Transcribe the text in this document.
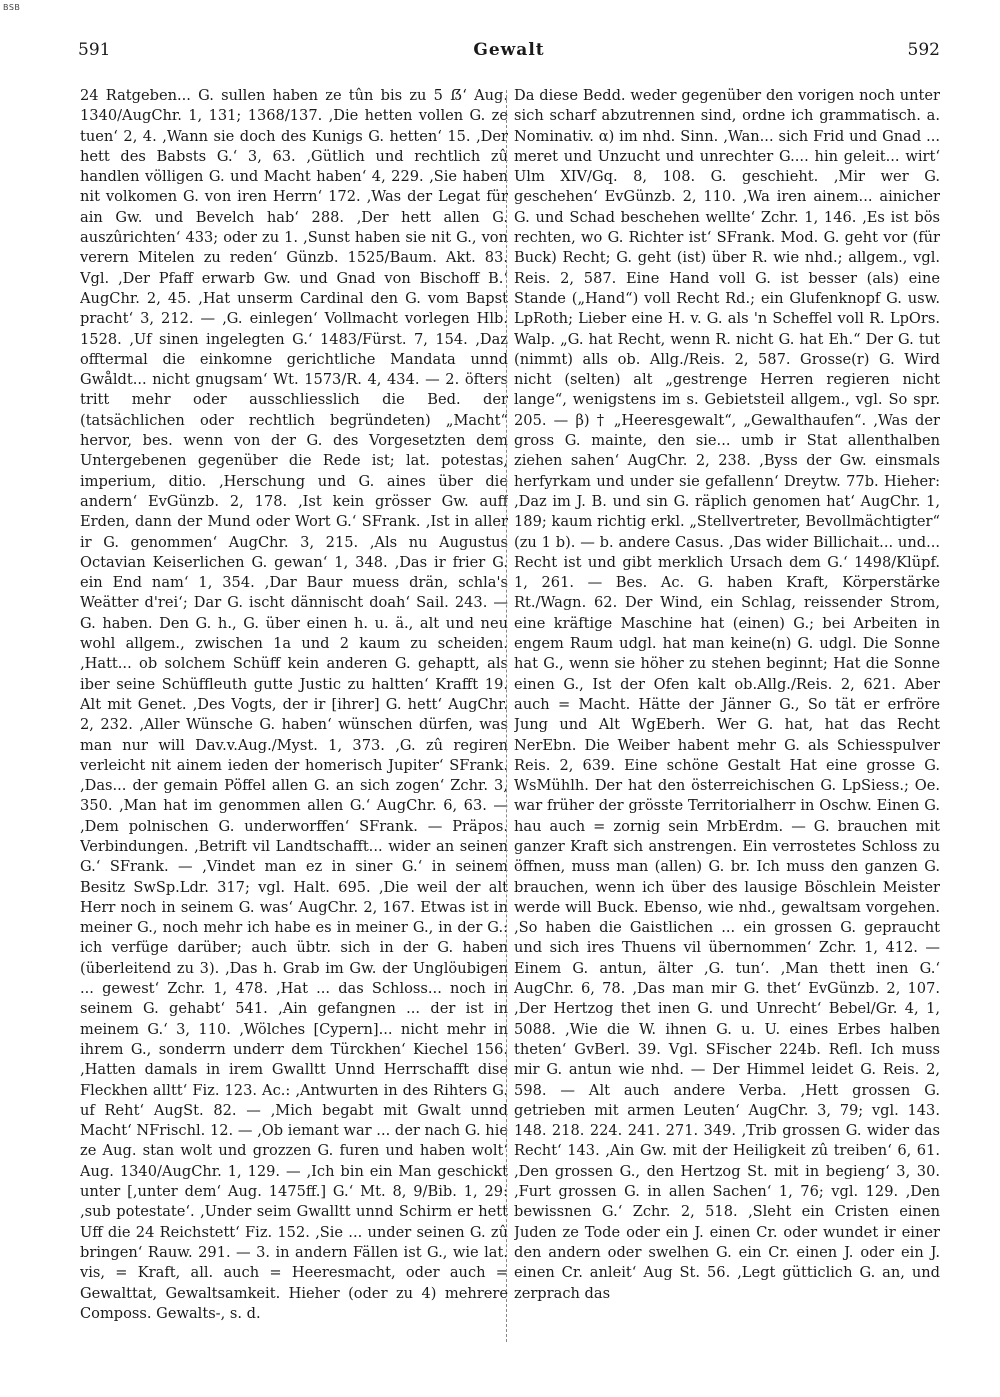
BSB
591	Gewalt	592

24 Ratgeben... G. sullen haben ze tûn bis zu 5 ẞ‘ Aug. 1340/AugChr. 1, 131; 1368/137. ‚Die hetten vollen G. ze tuen‘ 2, 4. ‚Wann sie doch des Kunigs G. hetten‘ 15. ‚Der hett des Babsts G.‘ 3, 63. ‚Gütlich und rechtlich zû handlen völligen G. und Macht haben‘ 4, 229. ‚Sie haben nit volkomen G. von iren Herrn‘ 172. ‚Was der Legat für ain Gw. und Bevelch hab‘ 288. ‚Der hett allen G. auszûrichten‘ 433; oder zu 1. ‚Sunst haben sie nit G., von verern Mitelen zu reden‘ Günzb. 1525/Baum. Akt. 83. Vgl. ‚Der Pfaff erwarb Gw. und Gnad von Bischoff B.‘ AugChr. 2, 45. ‚Hat unserm Cardinal den G. vom Bapst pracht‘ 3, 212. — ‚G. einlegen‘ Vollmacht vorlegen Hlb. 1528. ‚Uf sinen ingelegten G.‘ 1483/Fürst. 7, 154. ‚Daz offtermal die einkomne gerichtliche Mandata unnd Gwåldt... nicht gnugsam‘ Wt. 1573/R. 4, 434. — 2. öfters tritt mehr oder ausschliesslich die Bed. der (tatsächlichen oder rechtlich begründeten) „Macht“ hervor, bes. wenn von der G. des Vorgesetzten dem Untergebenen gegenüber die Rede ist; lat. potestas, imperium, ditio. ‚Herschung und G. aines über die andern‘ EvGünzb. 2, 178. ‚Ist kein grösser Gw. auff Erden, dann der Mund oder Wort G.‘ SFrank. ‚Ist in aller ir G. genommen‘ AugChr. 3, 215. ‚Als nu Augustus Octavian Keiserlichen G. gewan‘ 1, 348. ‚Das ir frier G. ein End nam‘ 1, 354. ‚Dar Baur muess drän, schla's Weätter d'rei‘; Dar G. ischt dännischt doah‘ Sail. 243. — G. haben. Den G. h., G. über einen h. u. ä., alt und neu wohl allgem., zwischen 1a und 2 kaum zu scheiden. ‚Hatt... ob solchem Schüff kein anderen G. gehaptt, als iber seine Schüffleuth gutte Justic zu haltten‘ Krafft 19. Alt mit Genet. ‚Des Vogts, der ir [ihrer] G. hett‘ AugChr. 2, 232. ‚Aller Wünsche G. haben‘ wünschen dürfen, was man nur will Dav.v.Aug./Myst. 1, 373. ‚G. zû regiren verleicht nit ainem ieden der homerisch Jupiter‘ SFrank. ‚Das... der gemain Pöffel allen G. an sich zogen‘ Zchr. 3, 350. ‚Man hat im genommen allen G.‘ AugChr. 6, 63. — ‚Dem polnischen G. underworffen‘ SFrank. — Präpos. Verbindungen. ‚Betrift vil Landtschafft... wider an seinen G.‘ SFrank. — ‚Vindet man ez in siner G.‘ in seinem Besitz SwSp.Ldr. 317; vgl. Halt. 695. ‚Die weil der alt Herr noch in seinem G. was‘ AugChr. 2, 167. Etwas ist in meiner G., noch mehr ich habe es in meiner G., in der G.: ich verfüge darüber; auch übtr. sich in der G. haben (überleitend zu 3). ‚Das h. Grab im Gw. der Unglöubigen ... gewest‘ Zchr. 1, 478. ‚Hat ... das Schloss... noch in seinem G. gehabt‘ 541. ‚Ain gefangnen ... der ist in meinem G.‘ 3, 110. ‚Wölches [Cypern]... nicht mehr in ihrem G., sonderrn underr dem Türckhen‘ Kiechel 156. ‚Hatten damals in irem Gwalltt Unnd Herrschafft dise Fleckhen alltt‘ Fiz. 123. Ac.: ‚Antwurten in des Rihters G. uf Reht‘ AugSt. 82. — ‚Mich begabt mit Gwalt unnd Macht‘ NFrischl. 12. — ‚Ob iemant war ... der nach G. hie ze Aug. stan wolt und grozzen G. furen und haben wolt‘ Aug. 1340/AugChr. 1, 129. — ‚Ich bin ein Man geschickt unter [,unter dem‘ Aug. 1475ff.] G.‘ Mt. 8, 9/Bib. 1, 29: ‚sub potestate‘. ‚Under seim Gwalltt unnd Schirm er hett Uff die 24 Reichstett‘ Fiz. 152. ‚Sie ... under seinen G. zû bringen‘ Rauw. 291. — 3. in andern Fällen ist G., wie lat. vis, = Kraft, all. auch = Heeresmacht, oder auch = Gewalttat, Gewaltsamkeit. Hieher (oder zu 4) mehrere Composs. Gewalts-, s. d.

Da diese Bedd. weder gegenüber den vorigen noch unter sich scharf abzutrennen sind, ordne ich grammatisch. a. Nominativ. α) im nhd. Sinn. ‚Wan... sich Frid und Gnad ... meret und Unzucht und unrechter G.... hin geleit... wirt‘ Ulm XIV/Gq. 8, 108. G. geschieht. ‚Mir wer G. geschehen‘ EvGünzb. 2, 110. ‚Wa iren ainem... ainicher G. und Schad beschehen wellte‘ Zchr. 1, 146. ‚Es ist bös rechten, wo G. Richter ist‘ SFrank. Mod. G. geht vor (für Buck) Recht; G. geht (ist) über R. wie nhd.; allgem., vgl. Reis. 2, 587. Eine Hand voll G. ist besser (als) eine Stande („Hand“) voll Recht Rd.; ein Glufenknopf G. usw. LpRoth; Lieber eine H. v. G. als 'n Scheffel voll R. LpOrs. Walp. „G. hat Recht, wenn R. nicht G. hat Eh.“ Der G. tut (nimmt) alls ob. Allg./Reis. 2, 587. Grosse(r) G. Wird nicht (selten) alt „gestrenge Herren regieren nicht lange“, wenigstens im s. Gebietsteil allgem., vgl. So spr. 205. — β) † „Heeresgewalt“, „Gewalthaufen“. ‚Was der gross G. mainte, den sie... umb ir Stat allenthalben ziehen sahen‘ AugChr. 2, 238. ‚Byss der Gw. einsmals herfyrkam und under sie gefallenn‘ Dreytw. 77b. Hieher: ‚Daz im J. B. und sin G. räplich genomen hat‘ AugChr. 1, 189; kaum richtig erkl. „Stellvertreter, Bevollmächtigter“ (zu 1 b). — b. andere Casus. ‚Das wider Billichait... und... Recht ist und gibt merklich Ursach dem G.‘ 1498/Klüpf. 1, 261. — Bes. Ac. G. haben Kraft, Körperstärke Rt./Wagn. 62. Der Wind, ein Schlag, reissender Strom, eine kräftige Maschine hat (einen) G.; bei Arbeiten in engem Raum udgl. hat man keine(n) G. udgl. Die Sonne hat G., wenn sie höher zu stehen beginnt; Hat die Sonne einen G., Ist der Ofen kalt ob.Allg./Reis. 2, 621. Aber auch = Macht. Hätte der Jänner G., So tät er erfröre Jung und Alt WgEberh. Wer G. hat, hat das Recht NerEbn. Die Weiber habent mehr G. als Schiesspulver Reis. 2, 639. Eine schöne Gestalt Hat eine grosse G. WsMühlh. Der hat den österreichischen G. LpSiess.; Oe. war früher der grösste Territorialherr in Oschw. Einen G. hau auch = zornig sein MrbErdm. — G. brauchen mit ganzer Kraft sich anstrengen. Ein verrostetes Schloss zu öffnen, muss man (allen) G. br. Ich muss den ganzen G. brauchen, wenn ich über des lausige Böschlein Meister werde will Buck. Ebenso, wie nhd., gewaltsam vorgehen. ‚So haben die Gaistlichen ... ein grossen G. gepraucht und sich ires Thuens vil übernommen‘ Zchr. 1, 412. — Einem G. antun, älter ‚G. tun‘. ‚Man thett inen G.‘ AugChr. 6, 78. ‚Das man mir G. thet‘ EvGünzb. 2, 107. ‚Der Hertzog thet inen G. und Unrecht‘ Bebel/Gr. 4, 1, 5088. ‚Wie die W. ihnen G. u. U. eines Erbes halben theten‘ GvBerl. 39. Vgl. SFischer 224b. Refl. Ich muss mir G. antun wie nhd. — Der Himmel leidet G. Reis. 2, 598. — Alt auch andere Verba. ‚Hett grossen G. getrieben mit armen Leuten‘ AugChr. 3, 79; vgl. 143. 148. 218. 224. 241. 271. 349. ‚Trib grossen G. wider das Recht‘ 143. ‚Ain Gw. mit der Heiligkeit zû treiben‘ 6, 61. ‚Den grossen G., den Hertzog St. mit in begieng‘ 3, 30. ‚Furt grossen G. in allen Sachen‘ 1, 76; vgl. 129. ‚Den bewissnen G.‘ Zchr. 2, 518. ‚Sleht ein Cristen einen Juden ze Tode oder ein J. einen Cr. oder wundet ir einer den andern oder swelhen G. ein Cr. einen J. oder ein J. einen Cr. anleit‘ Aug St. 56. ‚Legt gütticlich G. an, und zerprach das
